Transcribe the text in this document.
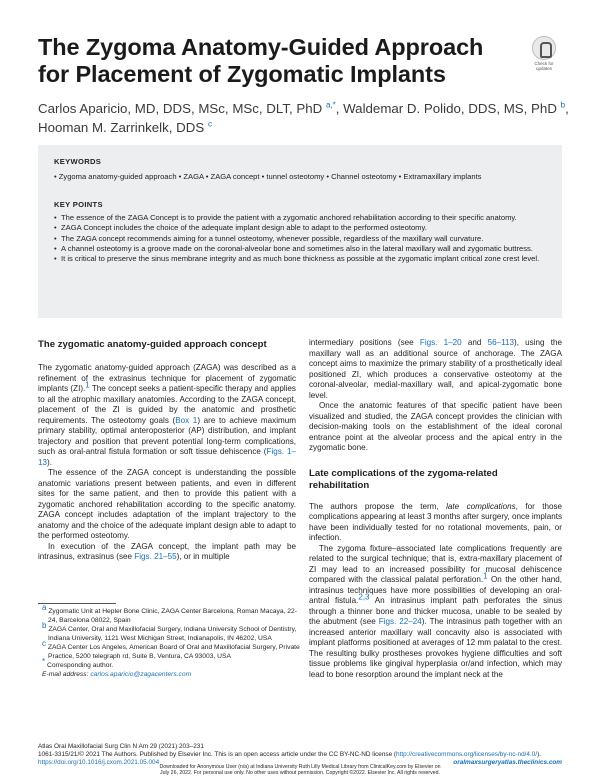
The Zygoma Anatomy-Guided Approach
for Placement of Zygomatic Implants	Check for updates
Carlos Aparicio, MD, DDS, MSc, MSc, DLT, PhD $^{a,*}$, Waldemar D. Polido, DDS, MS, PhD $^b$,
Hooman M. Zarrinkelk, DDS $^c$
KEYWORDS
• Zygoma anatomy-guided approach • ZAGA • ZAGA concept • tunnel osteotomy • Channel osteotomy • Extramaxillary implants
KEY POINTS
• The essence of the ZAGA Concept is to provide the patient with a zygomatic anchored rehabilitation according to their specific anatomy.
• ZAGA Concept includes the choice of the adequate implant design able to adapt to the performed osteotomy.
• The ZAGA concept recommends aiming for a tunnel osteotomy, whenever possible, regardless of the maxillary wall curvature.
• A channel osteotomy is a groove made on the coronal-alveolar bone and sometimes also in the lateral maxillary wall and zygomatic buttress.
• It is critical to preserve the sinus membrane integrity and as much bone thickness as possible at the zygomatic implant critical zone crest level.
The zygomatic anatomy-guided approach concept

The zygomatic anatomy-guided approach (ZAGA) was described as a refinement of the extrasinus technique for placement of zygomatic implants (ZI).$^1$ The concept seeks a patient-specific therapy and applies to all the atrophic maxillary anatomies. According to the ZAGA concept, placement of the ZI is guided by the anatomic and prosthetic requirements. The osteotomy goals (Box 1) are to achieve maximum primary stability, optimal anteroposterior (AP) distribution, and implant trajectory and position that prevent potential long-term complications, such as oral-antral fistula formation or soft tissue dehiscence (Figs. 1–13).

The essence of the ZAGA concept is understanding the possible anatomic variations present between patients, and even in different sites for the same patient, and then to provide this patient with a zygomatic anchored rehabilitation according to the specific anatomy. ZAGA concept includes adaptation of the implant trajectory to the anatomy and the choice of the adequate implant design able to adapt to the performed osteotomy.

In execution of the ZAGA concept, the implant path may be intrasinus, extrasinus (see Figs. 21–55), or in multiple

$^a$ Zygomatic Unit at Hepler Bone Clinic, ZAGA Center Barcelona, Roman Macaya, 22-24, Barcelona 08022, Spain
$^b$ ZAGA Center, Oral and Maxillofacial Surgery, Indiana University School of Dentistry, Indiana University, 1121 West Michigan Street, Indianapolis, IN 46202, USA
$^c$ ZAGA Center Los Angeles, American Board of Oral and Maxillofacial Surgery, Private Practice, 5200 telegraph rd, Suite B, Ventura, CA 93003, USA
* Corresponding author.
E-mail address: carlos.aparicio@zagacenters.com

intermediary positions (see Figs. 1–20 and 56–113), using the maxillary wall as an additional source of anchorage. The ZAGA concept aims to maximize the primary stability of a prosthetically ideal positioned ZI, which produces a conservative osteotomy at the coronal-alveolar, medial-maxillary wall, and apical-zygomatic bone level.

Once the anatomic features of that specific patient have been visualized and studied, the ZAGA concept provides the clinician with decision-making tools on the establishment of the ideal coronal entrance point at the alveolar process and the apical entry in the zygomatic bone.

Late complications of the zygoma-related
rehabilitation

The authors propose the term, late complications, for those complications appearing at least 3 months after surgery, once implants have been individually tested for no rotational movements, pain, or infection.

The zygoma fixture–associated late complications frequently are related to the surgical technique; that is, extra-maxillary placement of ZI may lead to an increased possibility for mucosal dehiscence compared with the classical palatal perforation.$^1$ On the other hand, intrasinus techniques have more possibilities of developing an oral-antral fistula.$^{2,3}$ An intrasinus implant path perforates the sinus through a thinner bone and thicker mucosa, unable to be sealed by the abutment (see Figs. 22–24). The intrasinus path together with an increased anterior maxillary wall concavity also is associated with implant platforms positioned at averages of 12 mm palatal to the crest. The resulting bulky prostheses provokes hygiene difficulties and soft tissue problems like gingival hyperplasia or/and infection, which may lead to bone resorption around the implant neck at the

Atlas Oral Maxillofacial Surg Clin N Am 29 (2021) 203–231
1061-3315/21/© 2021 The Authors. Published by Elsevier Inc. This is an open access article under the CC BY-NC-ND license (http://creativecommons.org/licenses/by-nc-nd/4.0/).
https://doi.org/10.1016/j.cxom.2021.05.004	oralmaxsurgeryatlas.theclinics.com
Downloaded for Anonymous User (n/a) at Indiana University Ruth Lilly Medical Library from ClinicalKey.com by Elsevier on
July 26, 2022. For personal use only. No other uses without permission. Copyright ©2022. Elsevier Inc. All rights reserved.
